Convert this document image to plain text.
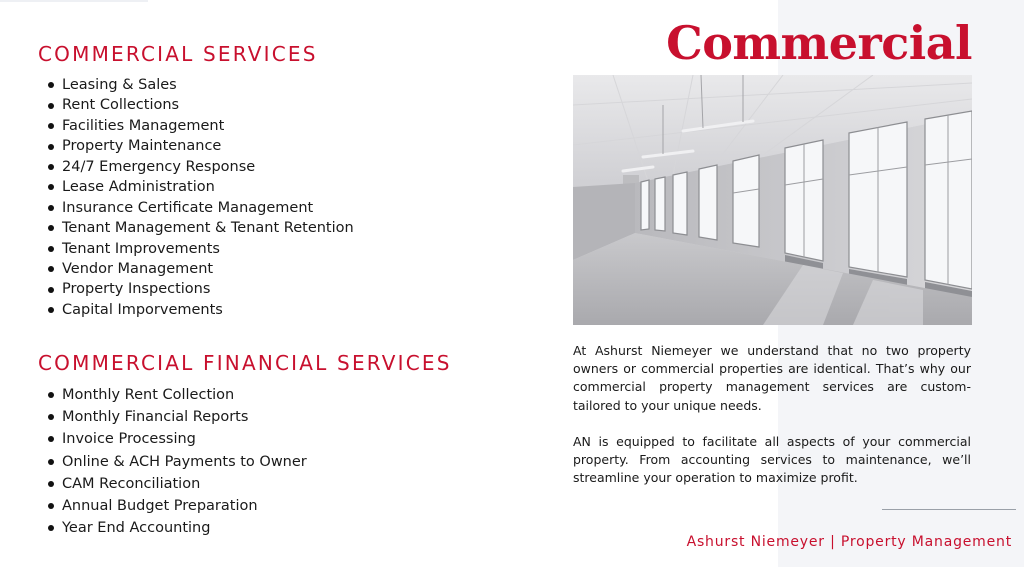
COMMERCIAL SERVICES
Leasing & Sales
Rent Collections
Facilities Management
Property Maintenance
24/7 Emergency Response
Lease Administration
Insurance Certificate Management
Tenant Management & Tenant Retention
Tenant Improvements
Vendor Management
Property Inspections
Capital Imporvements
COMMERCIAL FINANCIAL SERVICES
Monthly Rent Collection
Monthly Financial Reports
Invoice Processing
Online & ACH Payments to Owner
CAM Reconciliation
Annual Budget Preparation
Year End Accounting
Commercial

At Ashurst Niemeyer we understand that no two property owners or commercial properties are identical. That’s why our commercial property management services are custom-tailored to your unique needs.

AN is equipped to facilitate all aspects of your commercial property. From accounting services to maintenance, we’ll streamline your operation to maximize profit.

Ashurst Niemeyer | Property Management
